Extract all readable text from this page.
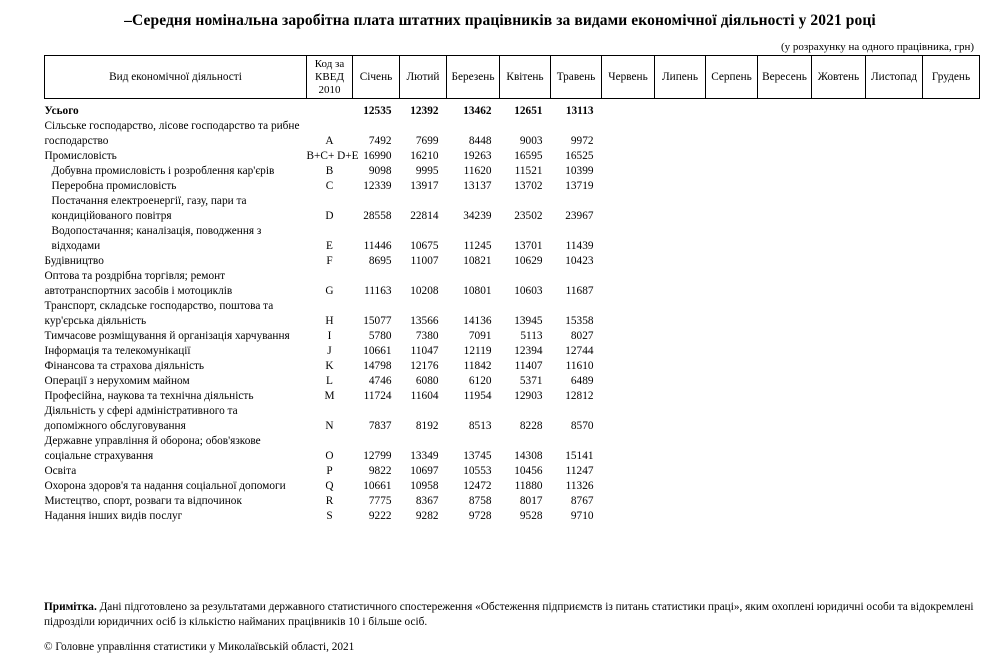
–Середня номінальна заробітна плата штатних працівників за видами економічної діяльності у 2021 році
(у розрахунку на одного працівника, грн)
Вид економічної діяльності	Код за КВЕД 2010	Січень	Лютий	Березень	Квітень	Травень	Червень	Липень	Серпень	Вересень	Жовтень	Листопад	Грудень
Усього		12535	12392	13462	12651	13113							
Сільське господарство, лісове господарство та рибне господарство	A	7492	7699	8448	9003	9972							
Промисловість	B+C+ D+E	16990	16210	19263	16595	16525							
Добувна промисловість і розроблення кар'єрів	B	9098	9995	11620	11521	10399							
Переробна промисловість	C	12339	13917	13137	13702	13719							
Постачання електроенергії, газу, пари та кондиційованого повітря	D	28558	22814	34239	23502	23967							
Водопостачання; каналізація, поводження з відходами	E	11446	10675	11245	13701	11439							
Будівництво	F	8695	11007	10821	10629	10423							
Оптова та роздрібна торгівля; ремонт автотранспортних засобів і мотоциклів	G	11163	10208	10801	10603	11687							
Транспорт, складське господарство, поштова та кур'єрська діяльність	H	15077	13566	14136	13945	15358							
Тимчасове розміщування й організація харчування	I	5780	7380	7091	5113	8027							
Інформація та телекомунікації	J	10661	11047	12119	12394	12744							
Фінансова та страхова діяльність	K	14798	12176	11842	11407	11610							
Операції з нерухомим майном	L	4746	6080	6120	5371	6489							
Професійна, наукова та технічна діяльність	M	11724	11604	11954	12903	12812							
Діяльність у сфері адміністративного та допоміжного обслуговування	N	7837	8192	8513	8228	8570							
Державне управління й оборона; обов'язкове соціальне страхування	O	12799	13349	13745	14308	15141							
Освіта	P	9822	10697	10553	10456	11247							
Охорона здоров'я та надання соціальної допомоги	Q	10661	10958	12472	11880	11326							
Мистецтво, спорт, розваги та відпочинок	R	7775	8367	8758	8017	8767							
Надання інших видів послуг	S	9222	9282	9728	9528	9710							
Примітка. Дані підготовлено за результатами державного статистичного спостереження «Обстеження підприємств із питань статистики праці», яким охоплені юридичні особи та відокремлені підрозділи юридичних осіб із кількістю найманих працівників 10 і більше осіб.
© Головне управління статистики у Миколаївській області, 2021
